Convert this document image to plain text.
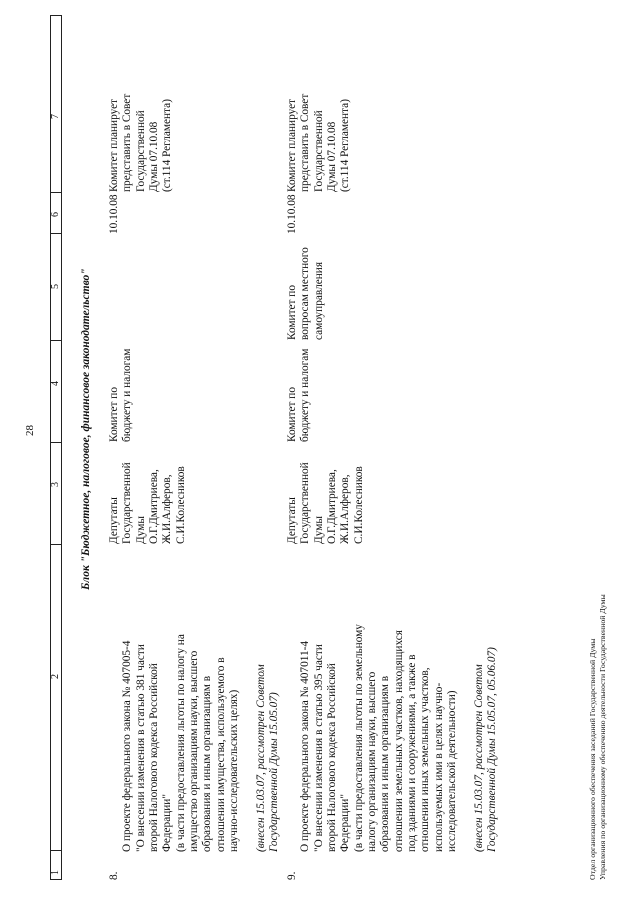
28
1
2
3
4
5
6
7
Блок "Бюджетное, налоговое, финансовое законодательство"
8.

О проекте федерального закона № 407005-4
"О внесении изменения в статью 381 части
второй Налогового кодекса Российской
Федерации"
(в части предоставления льготы по налогу на
имущество организациям науки, высшего
образования и иным организациям в
отношении имущества, используемого в
научно-исследовательских целях)

(внесен 15.03.07, рассмотрен Советом
Государственной Думы 15.05.07)

Депутаты
Государственной
Думы
О.Г.Дмитриева,
Ж.И.Алферов,
С.И.Колесников
Комитет по
бюджету и налогам
10.10.08
Комитет планирует
представить в Совет
Государственной
Думы 07.10.08
(ст.114 Регламента)
9.

О проекте федерального закона № 407011-4
"О внесении изменения в статью 395 части
второй Налогового кодекса Российской
Федерации"
(в части предоставления льготы по земельному
налогу организациям науки, высшего
образования и иным организациям в
отношении земельных участков, находящихся
под зданиями и сооружениями, а также в
отношении иных земельных участков,
используемых ими в целях научно-
исследовательской деятельности)

(внесен 15.03.07, рассмотрен Советом
Государственной Думы 15.05.07, 05.06.07)

Депутаты
Государственной
Думы
О.Г.Дмитриева,
Ж.И.Алферов,
С.И.Колесников
Комитет по
бюджету и налогам
Комитет по
вопросам местного
самоуправления
10.10.08
Комитет планирует
представить в Совет
Государственной
Думы 07.10.08
(ст.114 Регламента)
Отдел организационного обеспечения заседаний Государственной Думы Управления по организационному обеспечению деятельности Государственной Думы
